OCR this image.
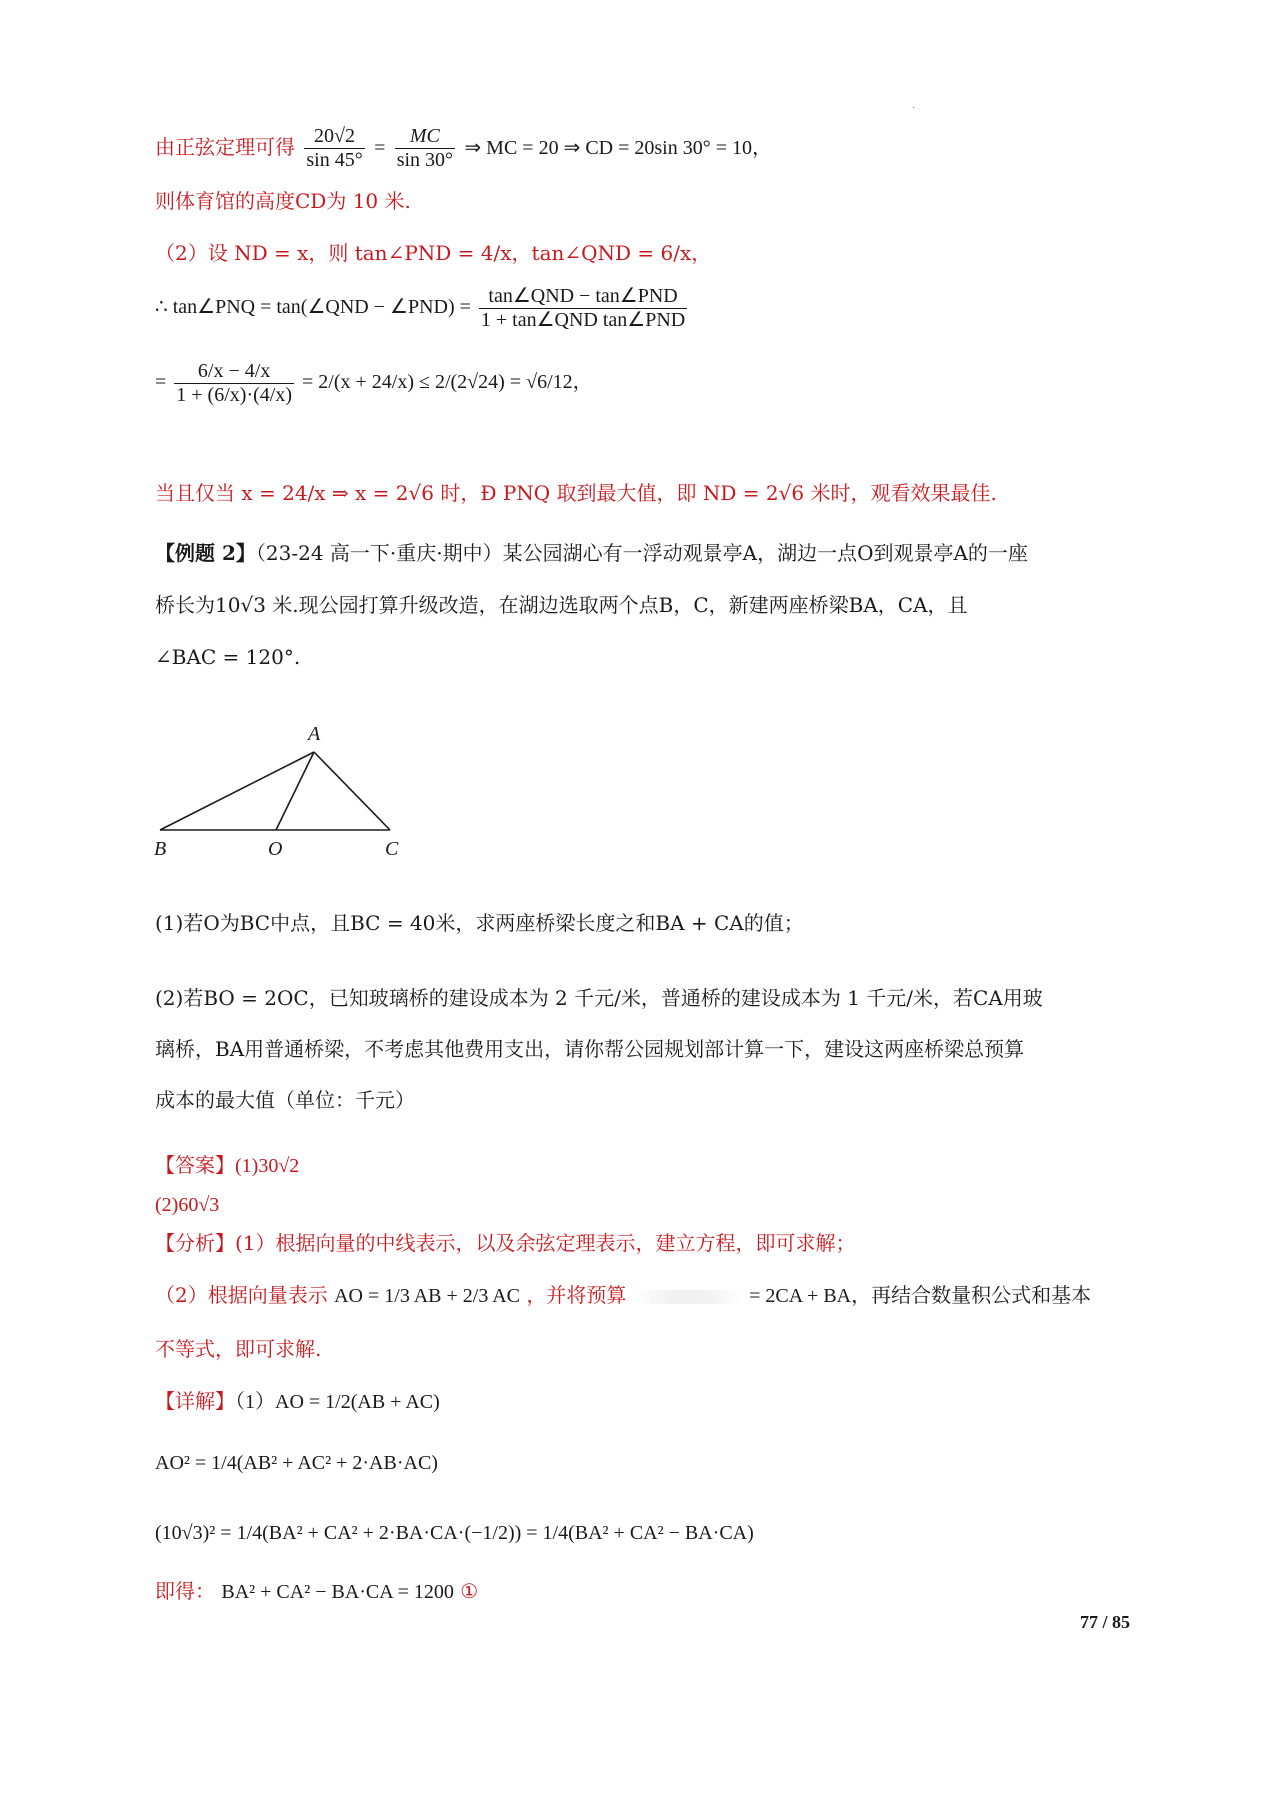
.
由正弦定理可得 $\frac{20√2}{\sin 45^\circ} = \frac{MC}{\sin 30^\circ}$ ⇒ MC = 20 ⇒ CD = 20sin 30° = 10，
则体育馆的高度CD为 10 米.
（2）设 ND = x，则 tan∠PND = 4/x，tan∠QND = 6/x，
∴ tan∠PNQ = tan(∠QND − ∠PND) = $\frac{\text{tan∠QND − tan∠PND}}{\text{1 + tan∠QND tan∠PND}}$
= $\frac{6/x - 4/x}{1 + (6/x)\cdot(4/x)} = 2/(x + 24/x) \le 2/(2√24) = √6/12$，
当且仅当 x = 24/x ⇒ x = 2√6 时，Ð PNQ 取到最大值，即 ND = 2√6 米时，观看效果最佳.
【例题 2】（23-24 高一下·重庆·期中）某公园湖心有一浮动观景亭A，湖边一点O到观景亭A的一座
桥长为10√3 米.现公园打算升级改造，在湖边选取两个点B，C，新建两座桥梁BA，CA，且
∠BAC = 120°.
A
B	O	C
(1)若O为BC中点，且BC = 40米，求两座桥梁长度之和BA + CA的值；
(2)若BO = 2OC，已知玻璃桥的建设成本为 2 千元/米，普通桥的建设成本为 1 千元/米，若CA用玻
璃桥，BA用普通桥梁，不考虑其他费用支出，请你帮公园规划部计算一下，建设这两座桥梁总预算
成本的最大值（单位：千元）
【答案】(1)30√2
(2)60√3
【分析】(1）根据向量的中线表示，以及余弦定理表示，建立方程，即可求解；
（2）根据向量表示 AO = 1/3 AB + 2/3 AC ，并将预算	= 2CA + BA，再结合数量积公式和基本
不等式，即可求解.
【详解】（1）AO = 1/2(AB + AC)
AO² = 1/4(AB² + AC² + 2·AB·AC)
(10√3)² = 1/4(BA² + CA² + 2·BA·CA·(−1/2)) = 1/4(BA² + CA² − BA·CA)
即得： BA² + CA² − BA·CA = 1200 ①
77 / 85
